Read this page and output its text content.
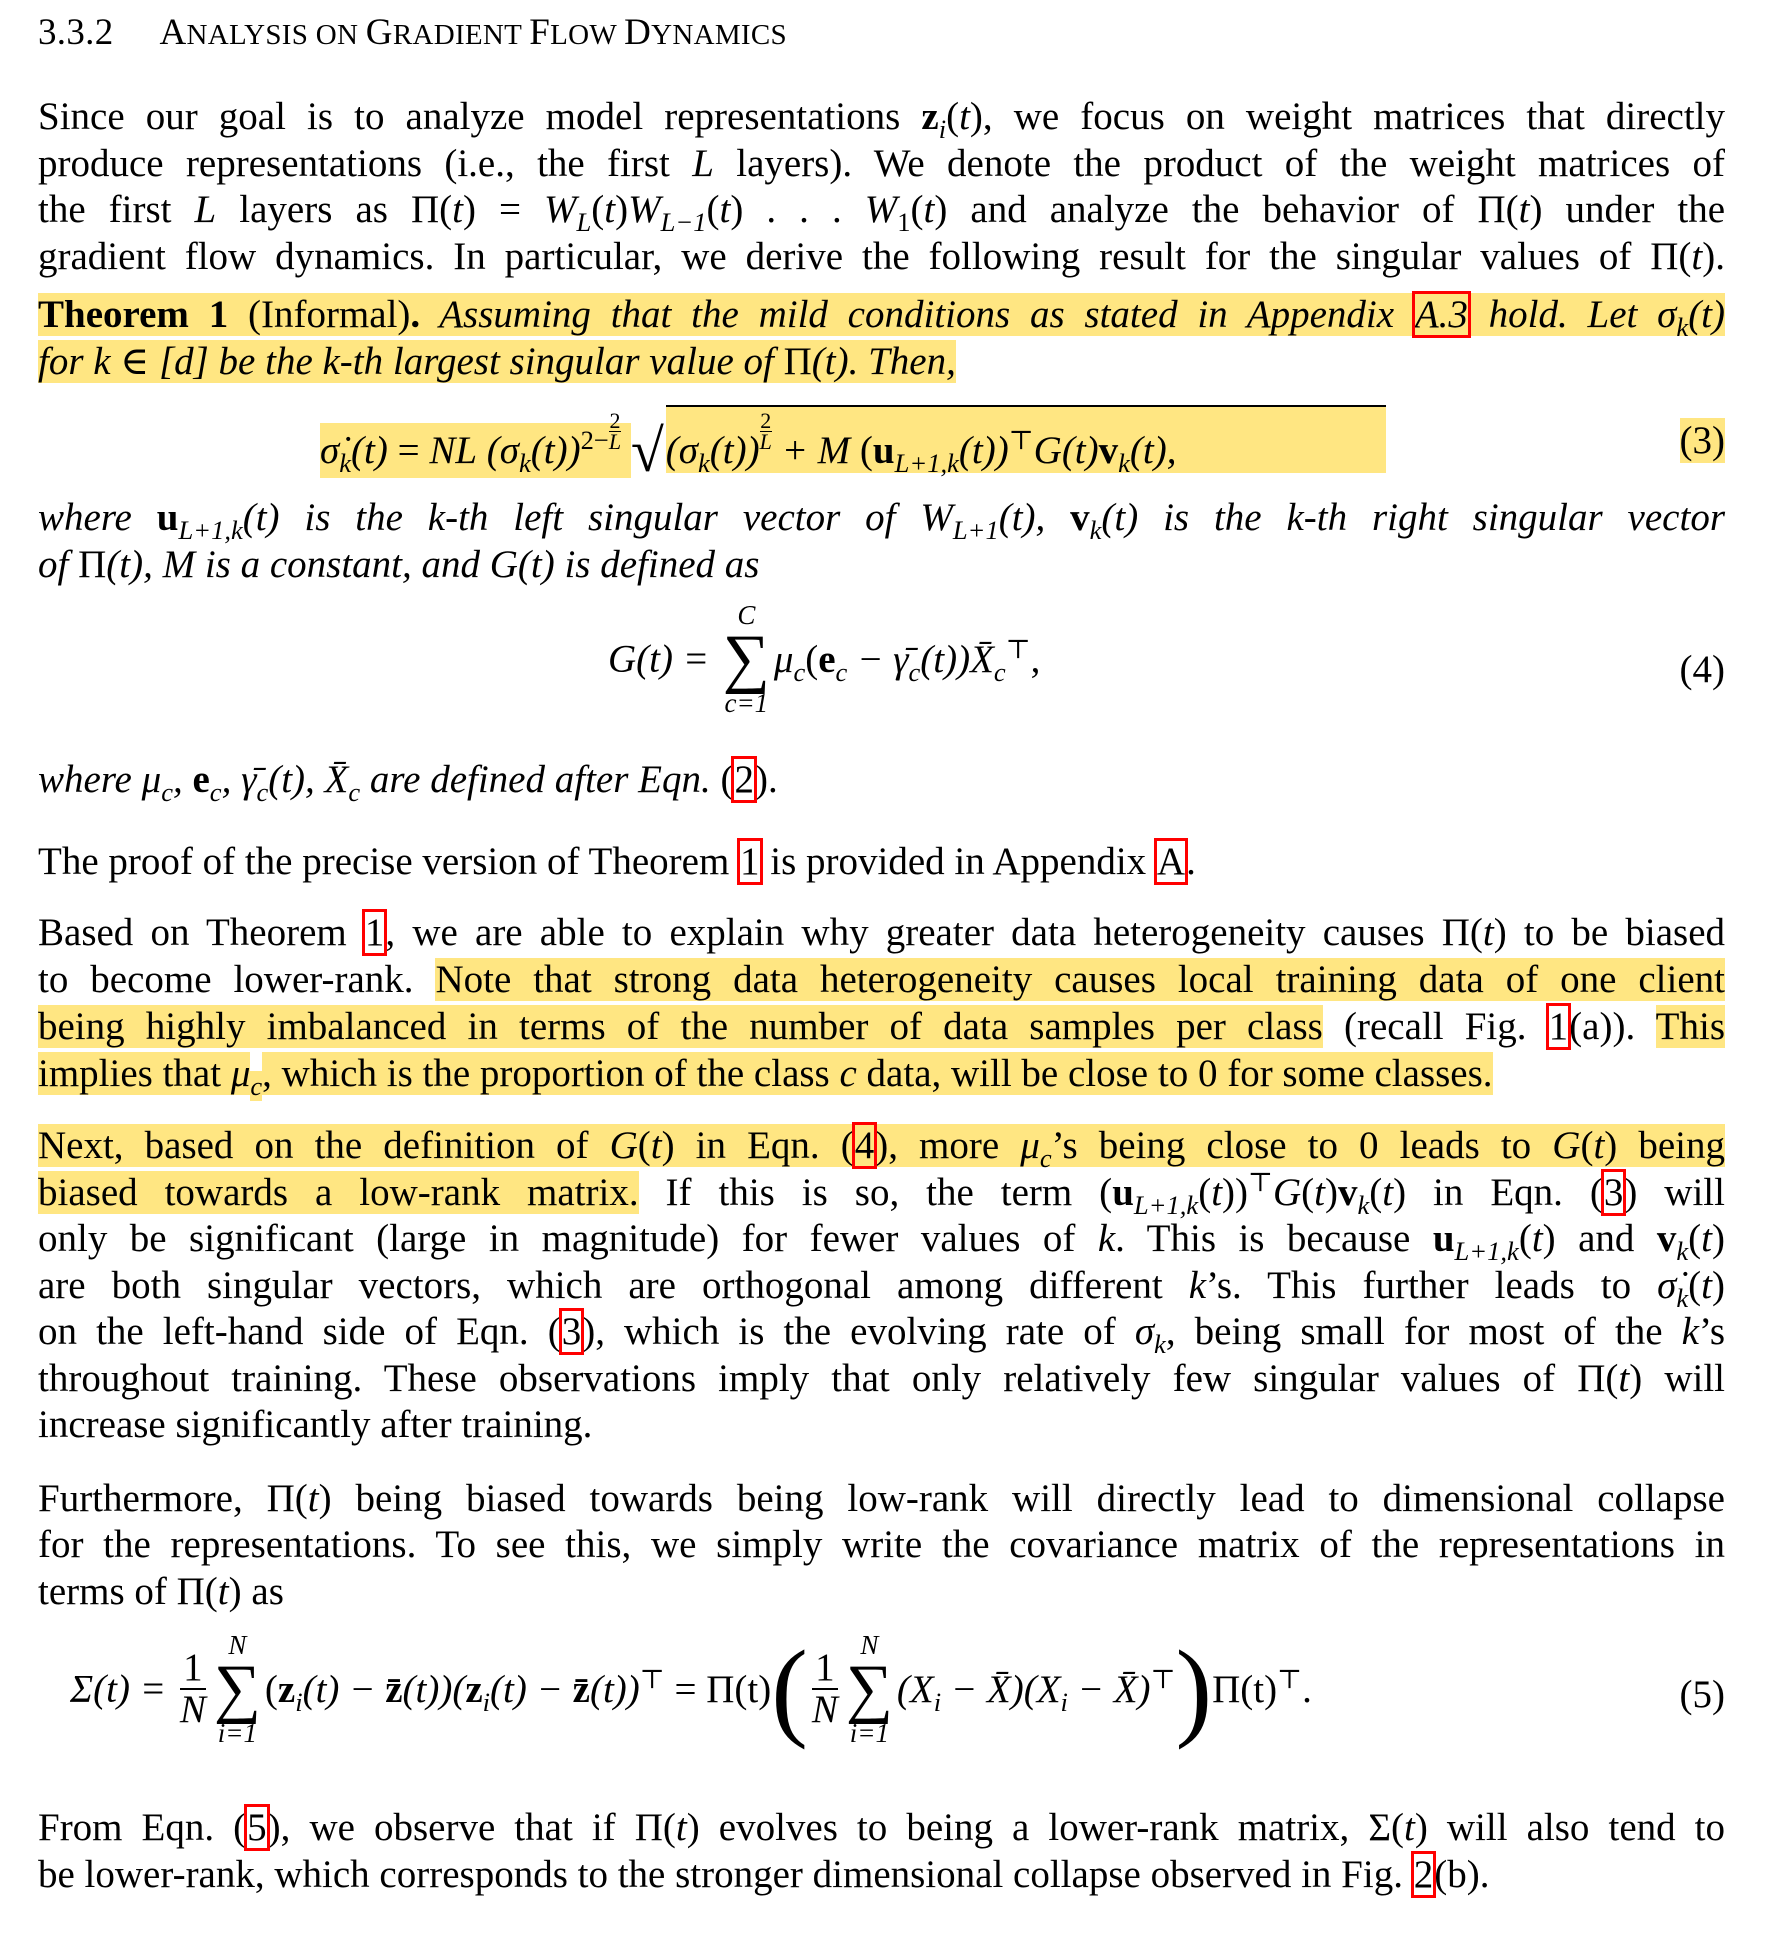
3.3.2 ANALYSIS ON GRADIENT FLOW DYNAMICS
Since our goal is to analyze model representations $z_i(t)$, we focus on weight matrices that directly
produce representations (i.e., the first L layers). We denote the product of the weight matrices of
the first L layers as $\Pi(t) = W_L(t)W_{L-1}(t)$ . . . $W_1(t)$ and analyze the behavior of Π(t) under the
gradient flow dynamics. In particular, we derive the following result for the singular values of Π(t).
Theorem 1 (Informal). Assuming that the mild conditions as stated in Appendix A.3 hold. Let $\sigma_k(t)$
for k ∈ [d] be the k-th largest singular value of Π(t). Then,
where $u_{L+1,k}(t)$ is the k-th left singular vector of $W_{L+1}(t)$, $v_k(t)$ is the k-th right singular vector
of Π(t), M is a constant, and G(t) is defined as
where $\mu_c$, $e_c$, $\gammā_c(t)$, $X̄_c$ are defined after Eqn. (2).
The proof of the precise version of Theorem 1 is provided in Appendix A.
Based on Theorem 1, we are able to explain why greater data heterogeneity causes Π(t) to be biased
to become lower-rank. Note that strong data heterogeneity causes local training data of one client
being highly imbalanced in terms of the number of data samples per class (recall Fig. 1(a)). This
implies that $\mu_c$, which is the proportion of the class c data, will be close to 0 for some classes.
Next, based on the definition of G(t) in Eqn. (4), more $\mu_c’s$ being close to 0 leads to G(t) being
biased towards a low-rank matrix. If this is so, the term $(u_{L+1,k}(t))^⊤G(t)v_k(t)$ in Eqn. (3) will
only be significant (large in magnitude) for fewer values of k. This is because $u_{L+1,k}(t)$ and $v_k(t)$
are both singular vectors, which are orthogonal among different k’s. This further leads to $\sigmȧ_k(t)$
on the left-hand side of Eqn. (3), which is the evolving rate of $\sigma_k$, being small for most of the k’s
throughout training. These observations imply that only relatively few singular values of Π(t) will
increase significantly after training.
Furthermore, Π(t) being biased towards being low-rank will directly lead to dimensional collapse
for the representations. To see this, we simply write the covariance matrix of the representations in
terms of Π(t) as
From Eqn. (5), we observe that if Π(t) evolves to being a lower-rank matrix, Σ(t) will also tend to
be lower-rank, which corresponds to the stronger dimensional collapse observed in Fig. 2(b).
$\sigmȧ_k(t)$ = NL $(\sigma_k(t))^{2-} \frac{2}{L} √(\sigma_k(t)) \frac{2}{L} + M$ $(u_{L+1,k}(t))^⊤G(t)v_k(t)$,	(3)
G(t) =
C
∑
c=1
$\mu_c(e_c$ − $\gammā_c(t))X̄_c^⊤$,	(4)
$\Sigma(t) = \frac{1}{N}$
N
∑
i=1
($z_i(t)$ − $z̄(t))(z_i(t)$ − z̄(t))⊤ = $\Pi(t)( \frac{1}{N}$
N
∑
i=1
($X_i$ − $X̄)(X_i$ − X̄)⊤)Π(t)⊤.	(5)
